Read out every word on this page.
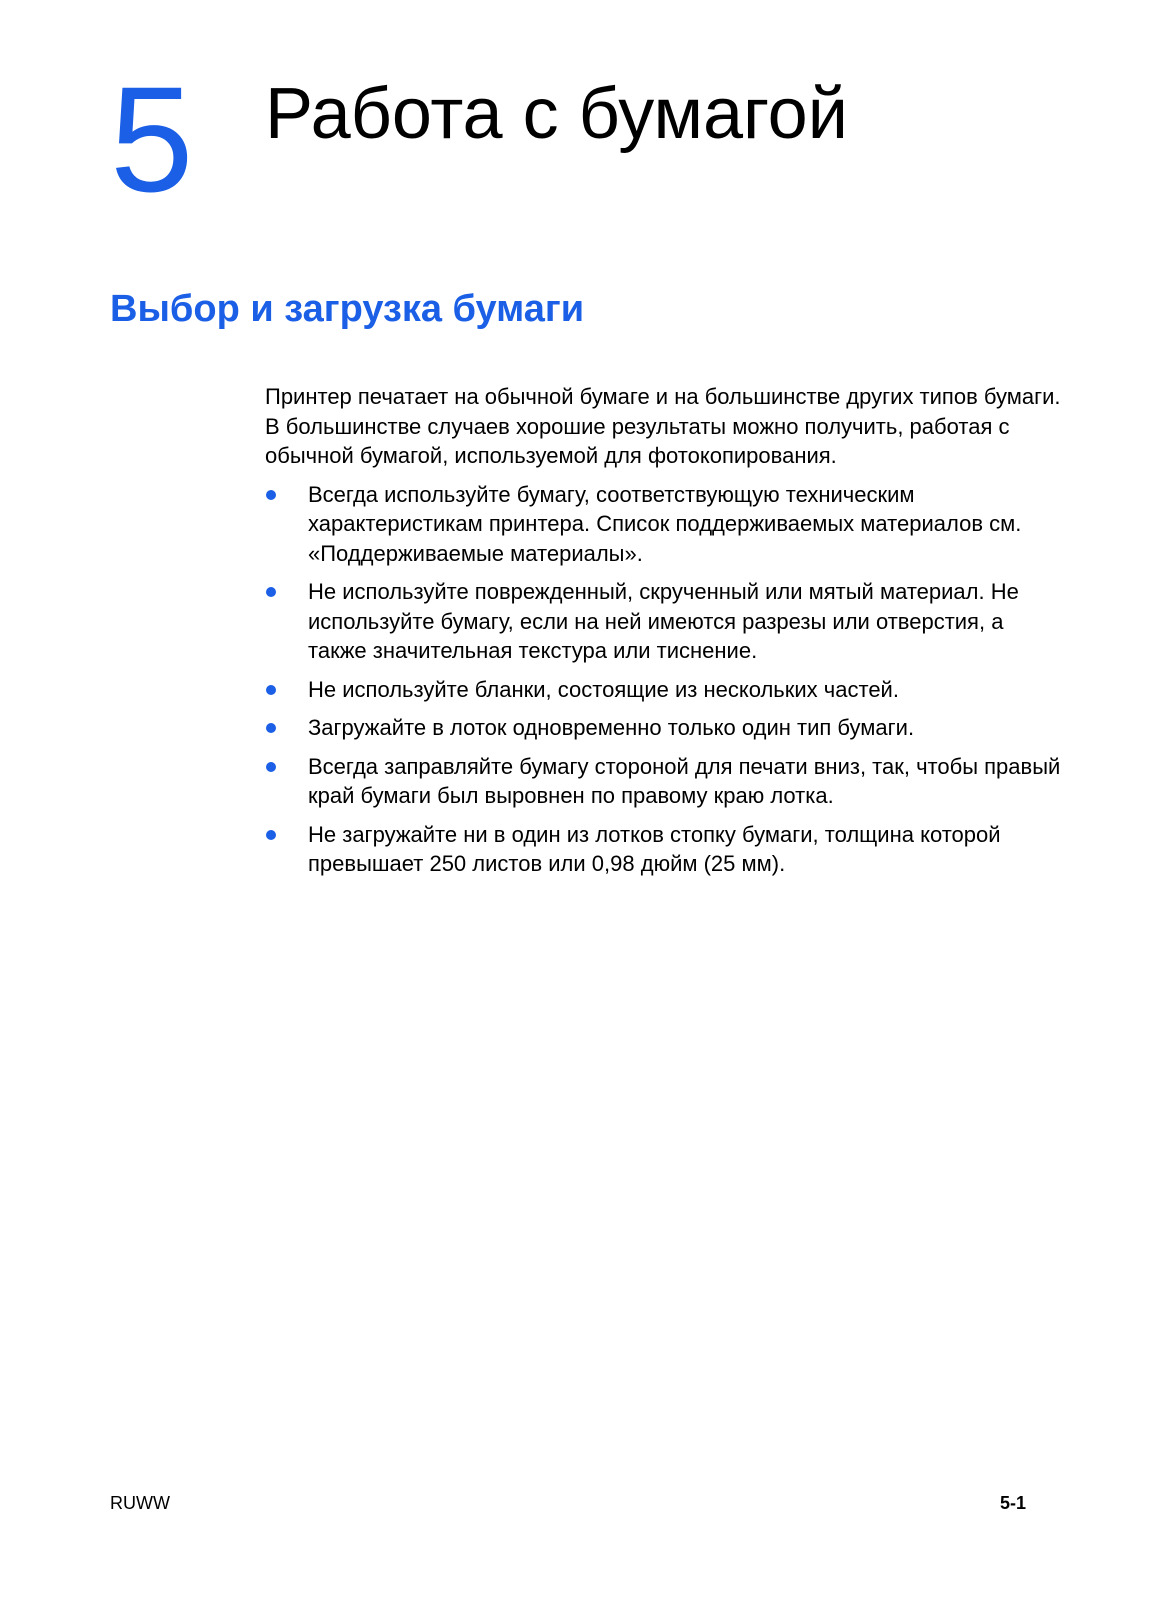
5 Работа с бумагой
Выбор и загрузка бумаги

Принтер печатает на обычной бумаге и на большинстве других типов бумаги. В большинстве случаев хорошие результаты можно получить, работая с обычной бумагой, используемой для фотокопирования.

Всегда используйте бумагу, соответствующую техническим характеристикам принтера. Список поддерживаемых материалов см. «Поддерживаемые материалы».
Не используйте поврежденный, скрученный или мятый материал. Не используйте бумагу, если на ней имеются разрезы или отверстия, а также значительная текстура или тиснение.
Не используйте бланки, состоящие из нескольких частей.
Загружайте в лоток одновременно только один тип бумаги.
Всегда заправляйте бумагу стороной для печати вниз, так, чтобы правый край бумаги был выровнен по правому краю лотка.
Не загружайте ни в один из лотков стопку бумаги, толщина которой превышает 250 листов или 0,98 дюйм (25 мм).
RUWW	5-1
